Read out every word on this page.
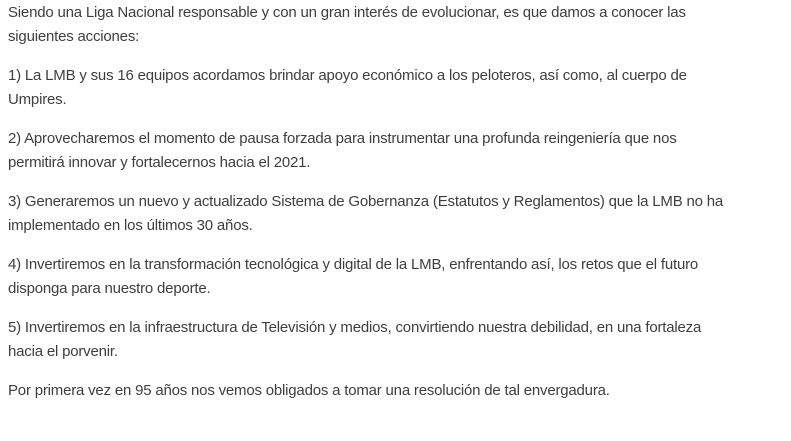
Siendo una Liga Nacional responsable y con un gran interés de evolucionar, es que damos a conocer las
siguientes acciones:
1) La LMB y sus 16 equipos acordamos brindar apoyo económico a los peloteros, así como, al cuerpo de
Umpires.
2) Aprovecharemos el momento de pausa forzada para instrumentar una profunda reingeniería que nos
permitirá innovar y fortalecernos hacia el 2021.
3) Generaremos un nuevo y actualizado Sistema de Gobernanza (Estatutos y Reglamentos) que la LMB no ha
implementado en los últimos 30 años.
4) Invertiremos en la transformación tecnológica y digital de la LMB, enfrentando así, los retos que el futuro
disponga para nuestro deporte.
5) Invertiremos en la infraestructura de Televisión y medios, convirtiendo nuestra debilidad, en una fortaleza
hacia el porvenir.
Por primera vez en 95 años nos vemos obligados a tomar una resolución de tal envergadura.
